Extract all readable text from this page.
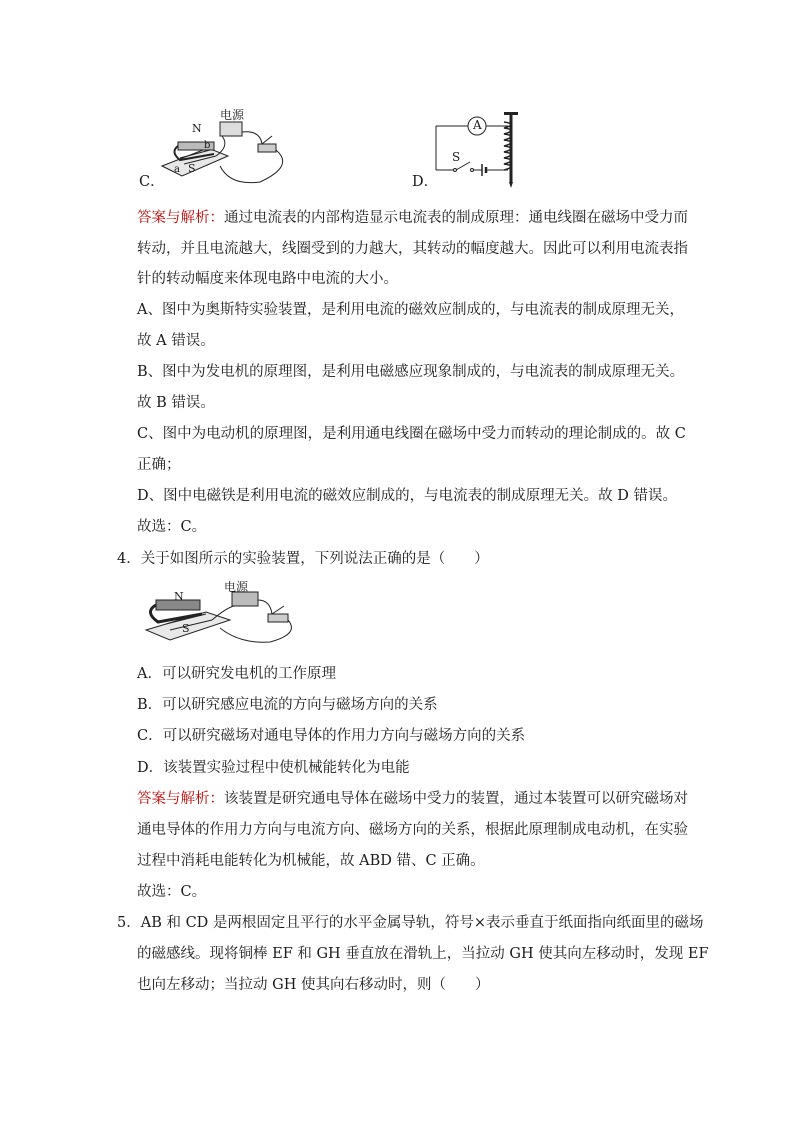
电源
N
b
a S
C．
A
S
D．
答案与解析：通过电流表的内部构造显示电流表的制成原理：通电线圈在磁场中受力而
转动，并且电流越大，线圈受到的力越大，其转动的幅度越大。因此可以利用电流表指
针的转动幅度来体现电路中电流的大小。
A、图中为奥斯特实验装置，是利用电流的磁效应制成的，与电流表的制成原理无关，
故 A 错误。
B、图中为发电机的原理图，是利用电磁感应现象制成的，与电流表的制成原理无关。
故 B 错误。
C、图中为电动机的原理图，是利用通电线圈在磁场中受力而转动的理论制成的。故 C
正确；
D、图中电磁铁是利用电流的磁效应制成的，与电流表的制成原理无关。故 D 错误。
故选：C。
4．关于如图所示的实验装置，下列说法正确的是（　　）
电源
N
S
A．可以研究发电机的工作原理
B．可以研究感应电流的方向与磁场方向的关系
C．可以研究磁场对通电导体的作用力方向与磁场方向的关系
D．该装置实验过程中使机械能转化为电能
答案与解析：该装置是研究通电导体在磁场中受力的装置，通过本装置可以研究磁场对
通电导体的作用力方向与电流方向、磁场方向的关系，根据此原理制成电动机，在实验
过程中消耗电能转化为机械能，故 ABD 错、C 正确。
故选：C。
5．AB 和 CD 是两根固定且平行的水平金属导轨，符号×表示垂直于纸面指向纸面里的磁场
的磁感线。现将铜棒 EF 和 GH 垂直放在滑轨上，当拉动 GH 使其向左移动时，发现 EF
也向左移动；当拉动 GH 使其向右移动时，则（　　）
